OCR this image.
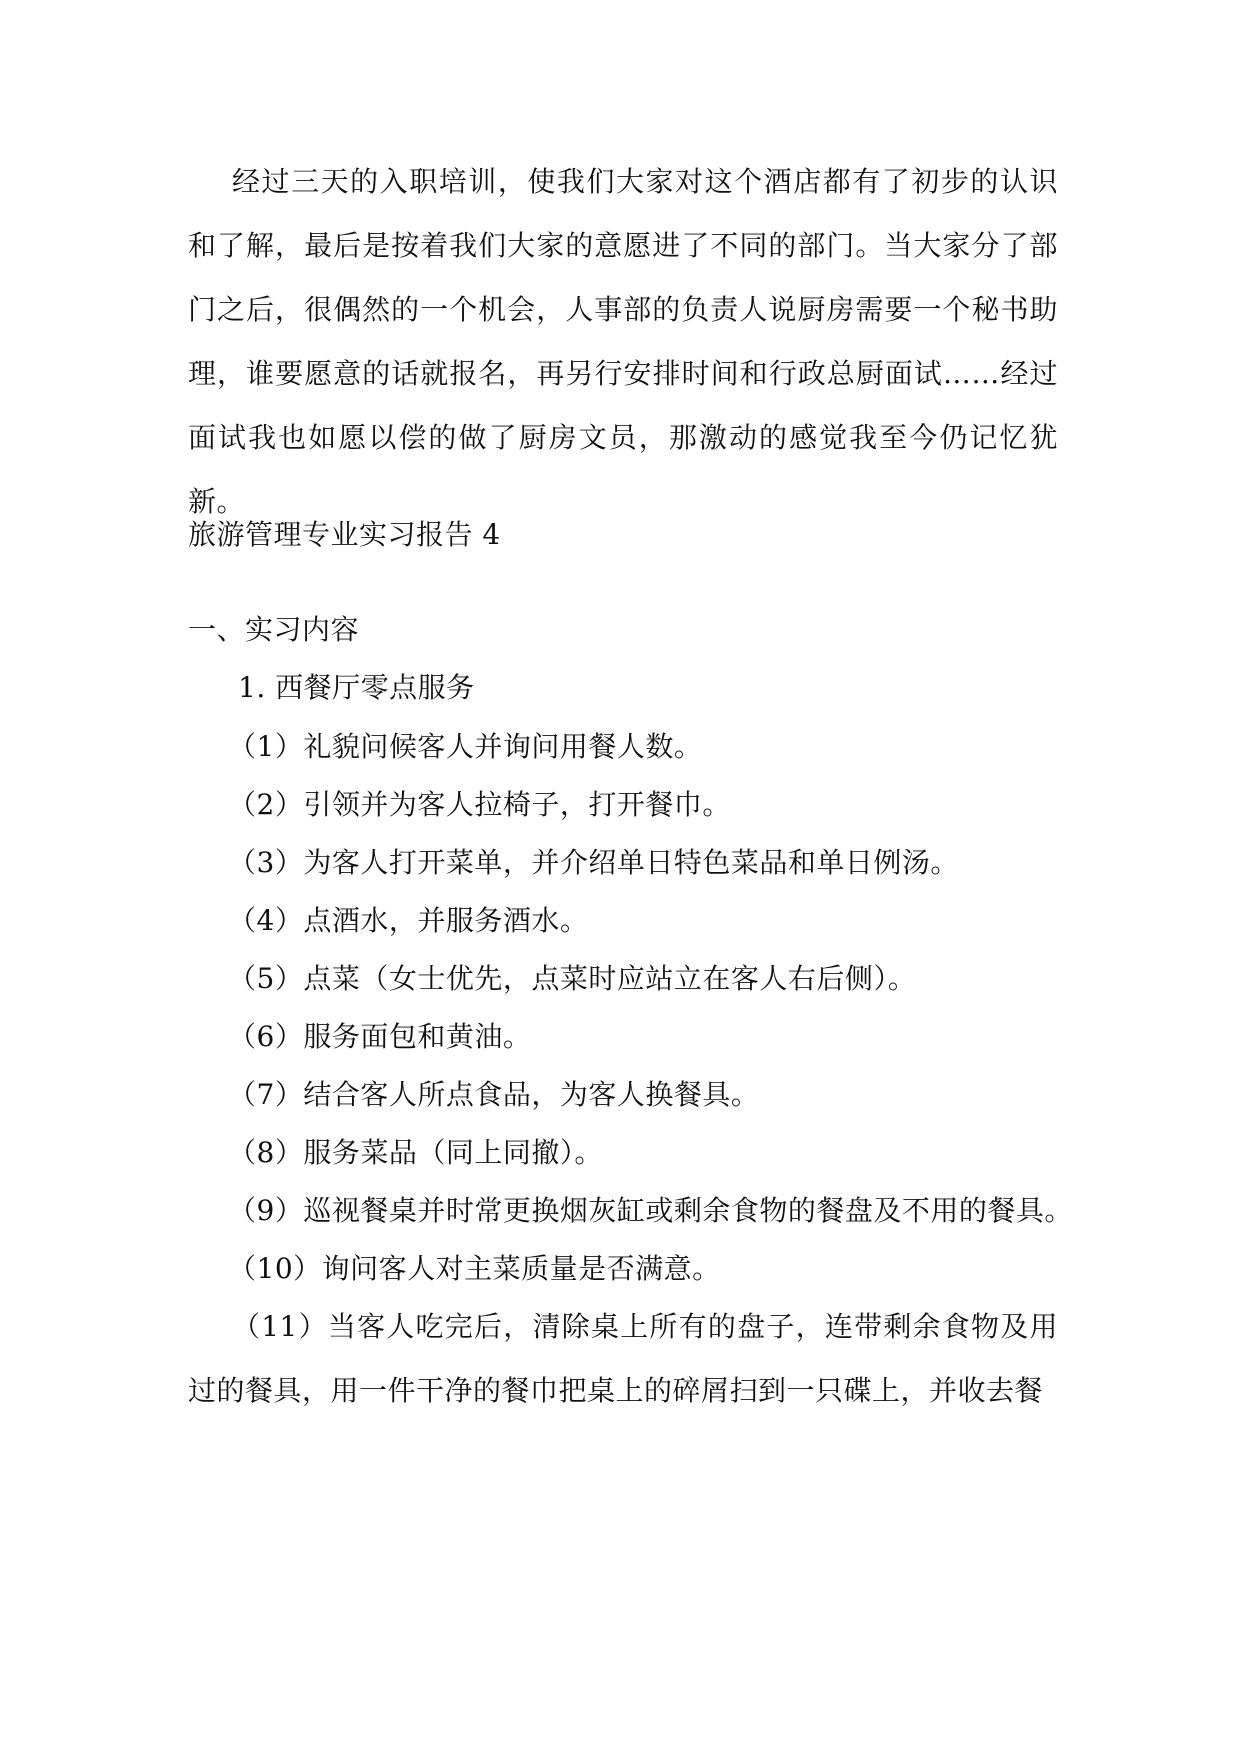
经过三天的入职培训，使我们大家对这个酒店都有了初步的认识和了解，最后是按着我们大家的意愿进了不同的部门。当大家分了部门之后，很偶然的一个机会，人事部的负责人说厨房需要一个秘书助理，谁要愿意的话就报名，再另行安排时间和行政总厨面试……经过面试我也如愿以偿的做了厨房文员，那激动的感觉我至今仍记忆犹新。

旅游管理专业实习报告 4

一、实习内容

1. 西餐厅零点服务

（1）礼貌问候客人并询问用餐人数。

（2）引领并为客人拉椅子，打开餐巾。

（3）为客人打开菜单，并介绍单日特色菜品和单日例汤。

（4）点酒水，并服务酒水。

（5）点菜（女士优先，点菜时应站立在客人右后侧）。

（6）服务面包和黄油。

（7）结合客人所点食品，为客人换餐具。

（8）服务菜品（同上同撤）。

（9）巡视餐桌并时常更换烟灰缸或剩余食物的餐盘及不用的餐具。

（10）询问客人对主菜质量是否满意。

（11）当客人吃完后，清除桌上所有的盘子，连带剩余食物及用过的餐具，用一件干净的餐巾把桌上的碎屑扫到一只碟上，并收去餐
